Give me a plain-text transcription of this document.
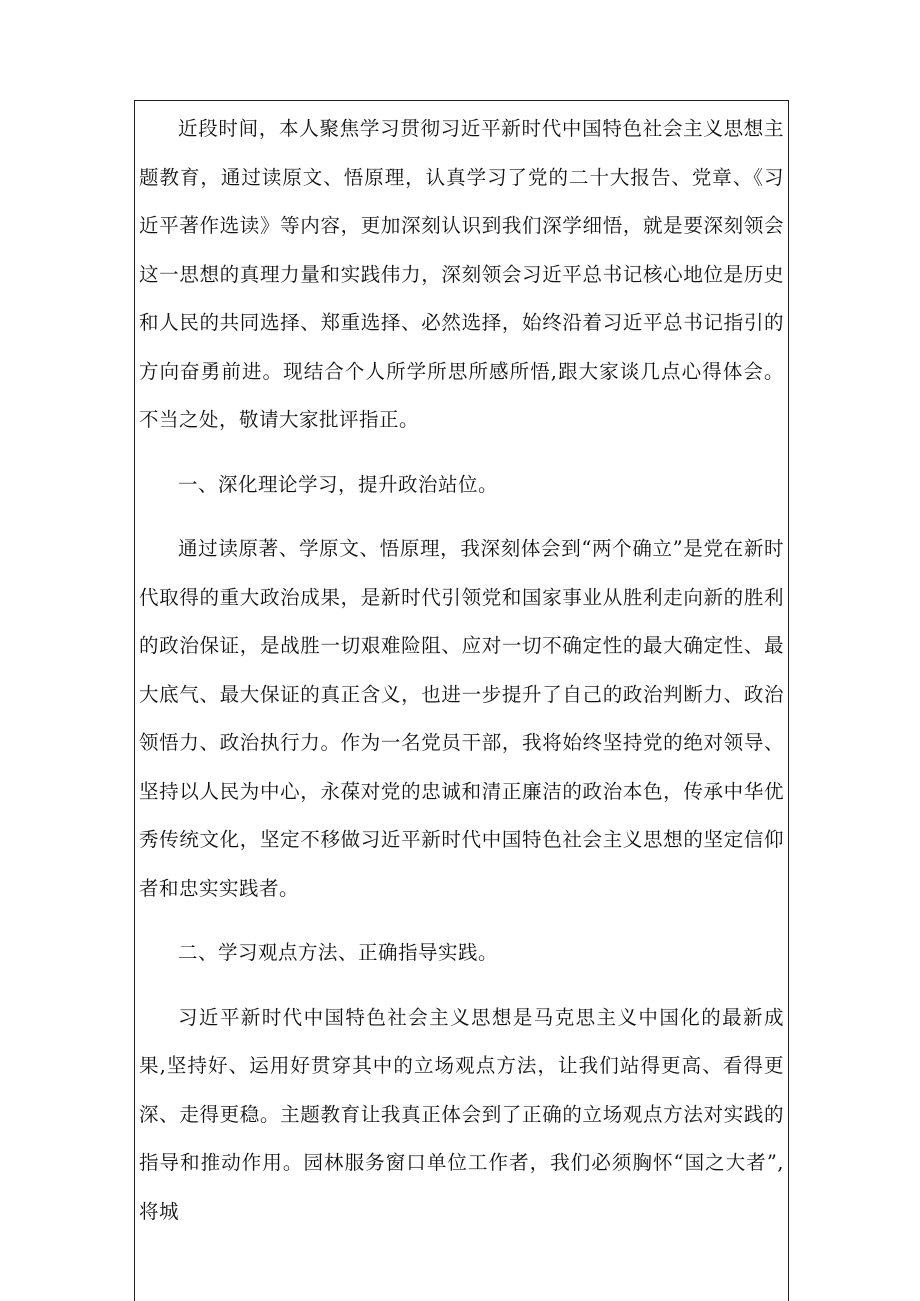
近段时间，本人聚焦学习贯彻习近平新时代中国特色社会主义思想主题教育，通过读原文、悟原理，认真学习了党的二十大报告、党章、《习近平著作选读》等内容，更加深刻认识到我们深学细悟，就是要深刻领会这一思想的真理力量和实践伟力，深刻领会习近平总书记核心地位是历史和人民的共同选择、郑重选择、必然选择，始终沿着习近平总书记指引的方向奋勇前进。现结合个人所学所思所感所悟,跟大家谈几点心得体会。不当之处，敬请大家批评指正。

一、深化理论学习，提升政治站位。

通过读原著、学原文、悟原理，我深刻体会到“两个确立”是党在新时代取得的重大政治成果，是新时代引领党和国家事业从胜利走向新的胜利的政治保证，是战胜一切艰难险阻、应对一切不确定性的最大确定性、最大底气、最大保证的真正含义，也进一步提升了自己的政治判断力、政治领悟力、政治执行力。作为一名党员干部，我将始终坚持党的绝对领导、坚持以人民为中心，永葆对党的忠诚和清正廉洁的政治本色，传承中华优秀传统文化，坚定不移做习近平新时代中国特色社会主义思想的坚定信仰者和忠实实践者。

二、学习观点方法、正确指导实践。

习近平新时代中国特色社会主义思想是马克思主义中国化的最新成果,坚持好、运用好贯穿其中的立场观点方法，让我们站得更高、看得更深、走得更稳。主题教育让我真正体会到了正确的立场观点方法对实践的指导和推动作用。园林服务窗口单位工作者，我们必须胸怀“国之大者”,将城
